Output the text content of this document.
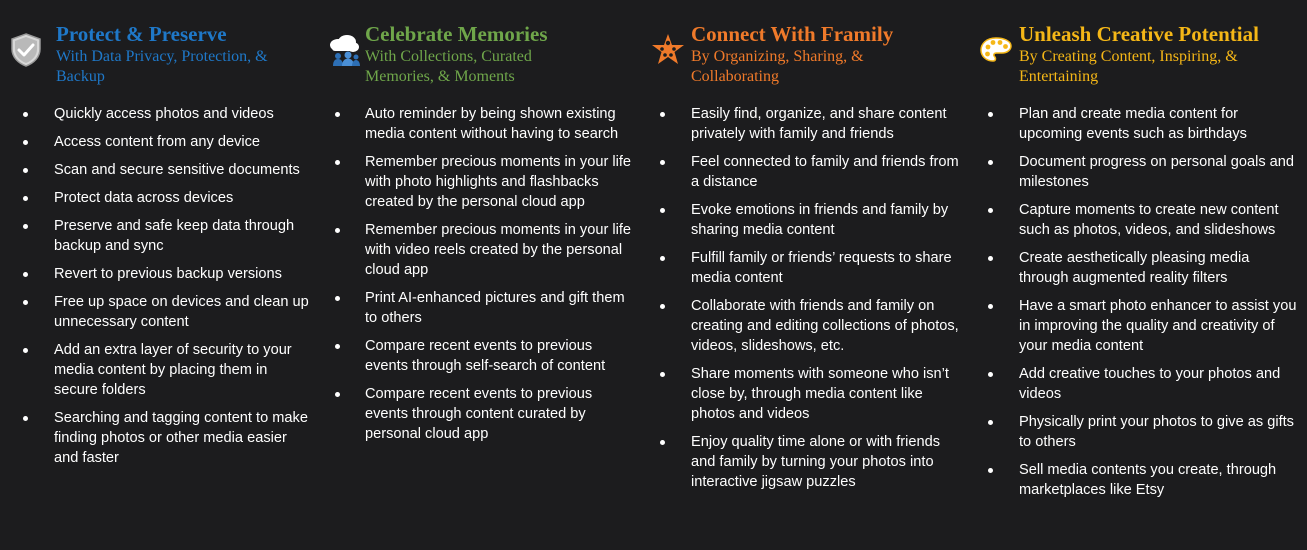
Protect & Preserve
With Data Privacy, Protection, & Backup
Quickly access photos and videos
Access content from any device
Scan and secure sensitive documents
Protect data across devices
Preserve and safe keep data through backup and sync
Revert to previous backup versions
Free up space on devices and clean up unnecessary content
Add an extra layer of security to your media content by placing them in secure folders
Searching and tagging content to make finding photos or other media easier and faster
Celebrate Memories
With Collections, Curated Memories, & Moments
Auto reminder by being shown existing media content without having to search
Remember precious moments in your life with photo highlights and flashbacks created by the personal cloud app
Remember precious moments in your life with video reels created by the personal cloud app
Print AI-enhanced pictures and gift them to others
Compare recent events to previous events through self-search of content
Compare recent events to previous events through content curated by personal cloud app
Connect With Framily
By Organizing, Sharing, & Collaborating
Easily find, organize, and share content privately with family and friends
Feel connected to family and friends from a distance
Evoke emotions in friends and family by sharing media content
Fulfill family or friends’ requests to share media content
Collaborate with friends and family on creating and editing collections of photos, videos, slideshows, etc.
Share moments with someone who isn’t close by, through media content like photos and videos
Enjoy quality time alone or with friends and family by turning your photos into interactive jigsaw puzzles
Unleash Creative Potential
By Creating Content, Inspiring, & Entertaining
Plan and create media content for upcoming events such as birthdays
Document progress on personal goals and milestones
Capture moments to create new content such as photos, videos, and slideshows
Create aesthetically pleasing media through augmented reality filters
Have a smart photo enhancer to assist you in improving the quality and creativity of your media content
Add creative touches to your photos and videos
Physically print your photos to give as gifts to others
Sell media contents you create, through marketplaces like Etsy
